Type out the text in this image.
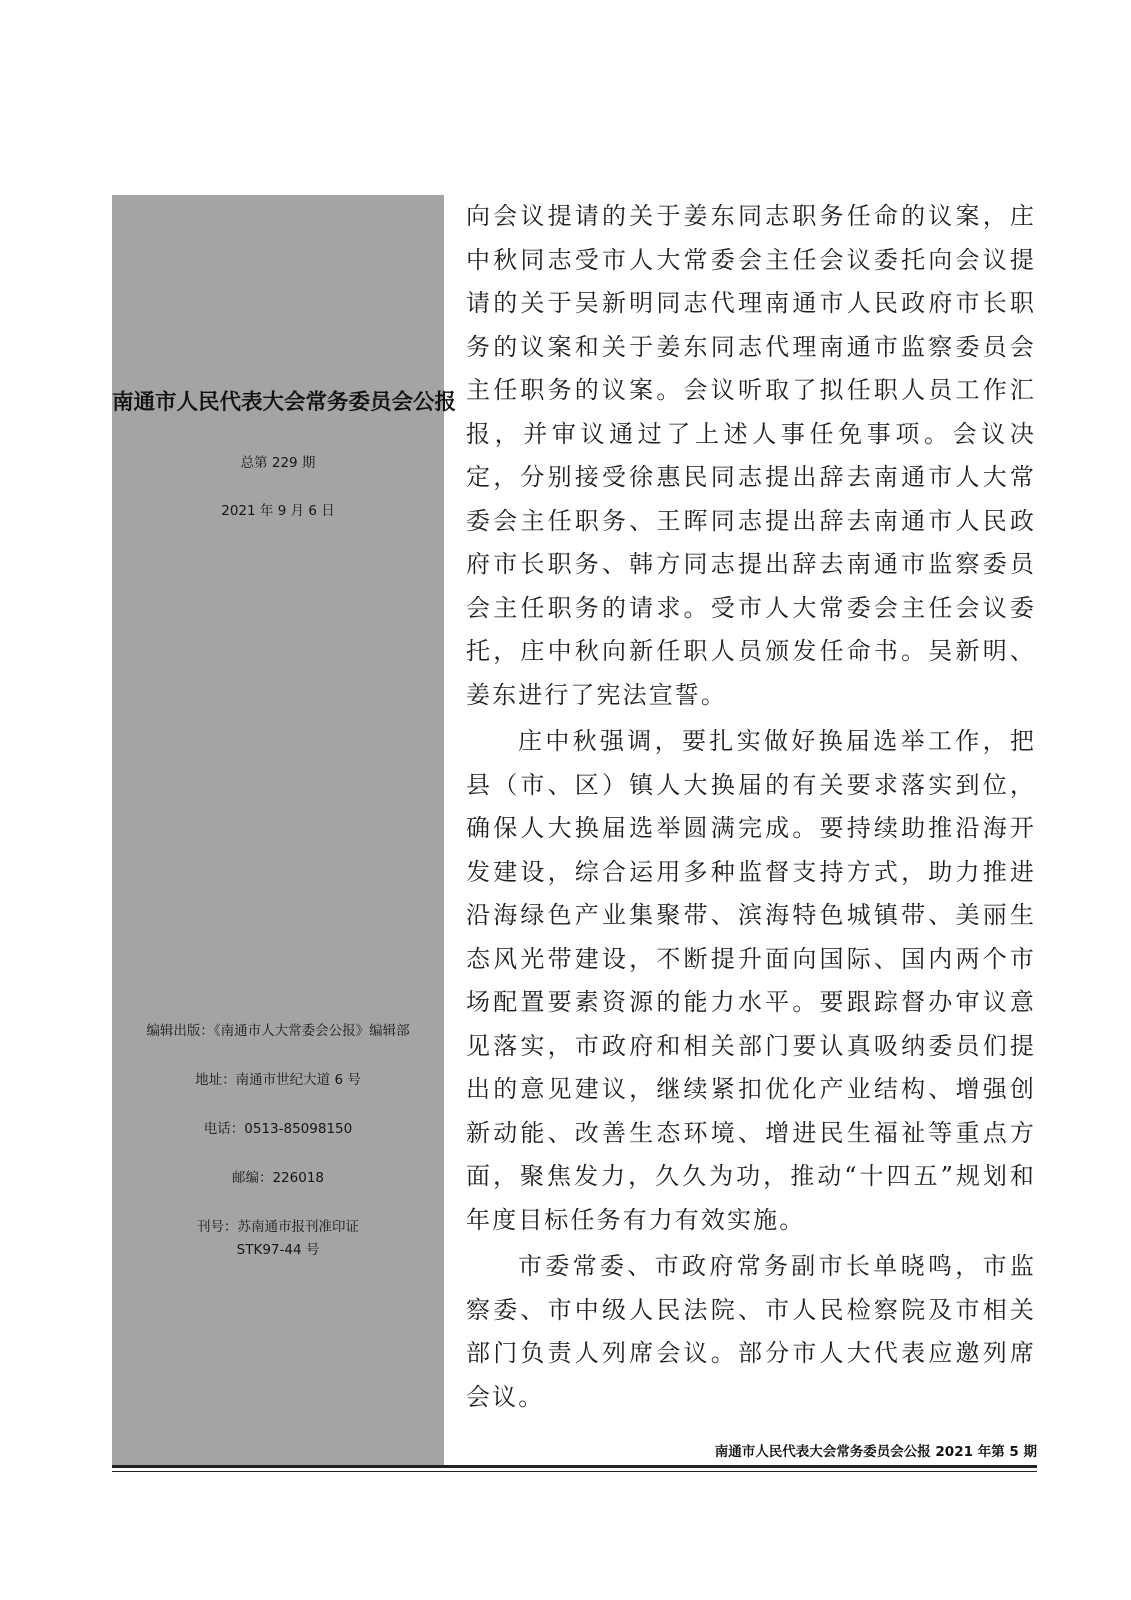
南通市人民代表大会常务委员会公报
总第 229 期
2021 年 9 月 6 日
编辑出版：《南通市人大常委会公报》编辑部
地址：南通市世纪大道 6 号
电话：0513-85098150
邮编：226018
刊号：苏南通市报刊准印证
STK97-44 号

向会议提请的关于姜东同志职务任命的议案，庄中秋同志受市人大常委会主任会议委托向会议提请的关于吴新明同志代理南通市人民政府市长职务的议案和关于姜东同志代理南通市监察委员会主任职务的议案。会议听取了拟任职人员工作汇报，并审议通过了上述人事任免事项。会议决定，分别接受徐惠民同志提出辞去南通市人大常委会主任职务、王晖同志提出辞去南通市人民政府市长职务、韩方同志提出辞去南通市监察委员会主任职务的请求。受市人大常委会主任会议委托，庄中秋向新任职人员颁发任命书。吴新明、姜东进行了宪法宣誓。

庄中秋强调，要扎实做好换届选举工作，把县（市、区）镇人大换届的有关要求落实到位，确保人大换届选举圆满完成。要持续助推沿海开发建设，综合运用多种监督支持方式，助力推进沿海绿色产业集聚带、滨海特色城镇带、美丽生态风光带建设，不断提升面向国际、国内两个市场配置要素资源的能力水平。要跟踪督办审议意见落实，市政府和相关部门要认真吸纳委员们提出的意见建议，继续紧扣优化产业结构、增强创新动能、改善生态环境、增进民生福祉等重点方面，聚焦发力，久久为功，推动“十四五”规划和年度目标任务有力有效实施。

市委常委、市政府常务副市长单晓鸣，市监察委、市中级人民法院、市人民检察院及市相关部门负责人列席会议。部分市人大代表应邀列席会议。

南通市人民代表大会常务委员会公报 2021 年第 5 期
